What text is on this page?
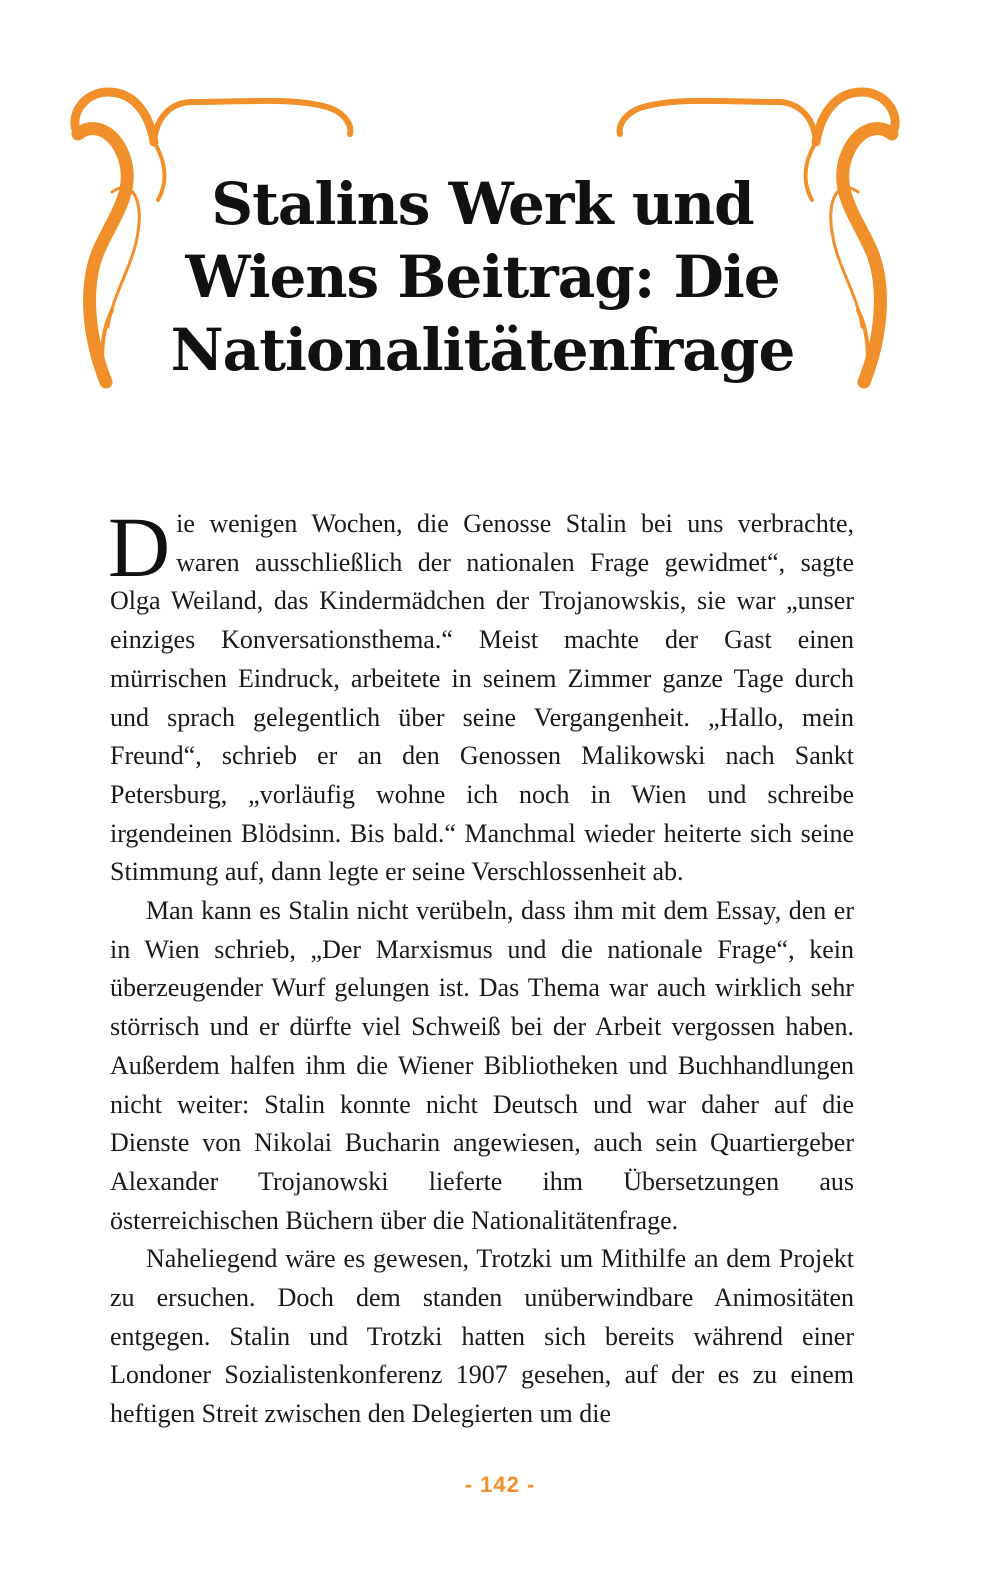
Stalins Werk und
Wiens Beitrag: Die
Nationalitätenfrage

Die wenigen Wochen, die Genosse Stalin bei uns verbrachte, waren ausschließlich der nationalen Frage gewidmet“, sagte Olga Weiland, das Kindermädchen der Trojanowskis, sie war „unser einziges Konversationsthema.“ Meist machte der Gast einen mürrischen Eindruck, arbeitete in seinem Zimmer ganze Tage durch und sprach gelegentlich über seine Vergangenheit. „Hallo, mein Freund“, schrieb er an den Genossen Malikowski nach Sankt Petersburg, „vorläufig wohne ich noch in Wien und schreibe irgendeinen Blödsinn. Bis bald.“ Manchmal wieder heiterte sich seine Stimmung auf, dann legte er seine Verschlossenheit ab.

Man kann es Stalin nicht verübeln, dass ihm mit dem Essay, den er in Wien schrieb, „Der Marxismus und die nationale Frage“, kein überzeugender Wurf gelungen ist. Das Thema war auch wirklich sehr störrisch und er dürfte viel Schweiß bei der Arbeit vergossen haben. Außerdem halfen ihm die Wiener Bibliotheken und Buchhandlungen nicht weiter: Stalin konnte nicht Deutsch und war daher auf die Dienste von Nikolai Bucharin angewiesen, auch sein Quartiergeber Alexander Trojanowski lieferte ihm Übersetzungen aus österreichischen Büchern über die Nationalitätenfrage.

Naheliegend wäre es gewesen, Trotzki um Mithilfe an dem Projekt zu ersuchen. Doch dem standen unüberwindbare Animositäten entgegen. Stalin und Trotzki hatten sich bereits während einer Londoner Sozialistenkonferenz 1907 gesehen, auf der es zu einem heftigen Streit zwischen den Delegierten um die

- 142 -
